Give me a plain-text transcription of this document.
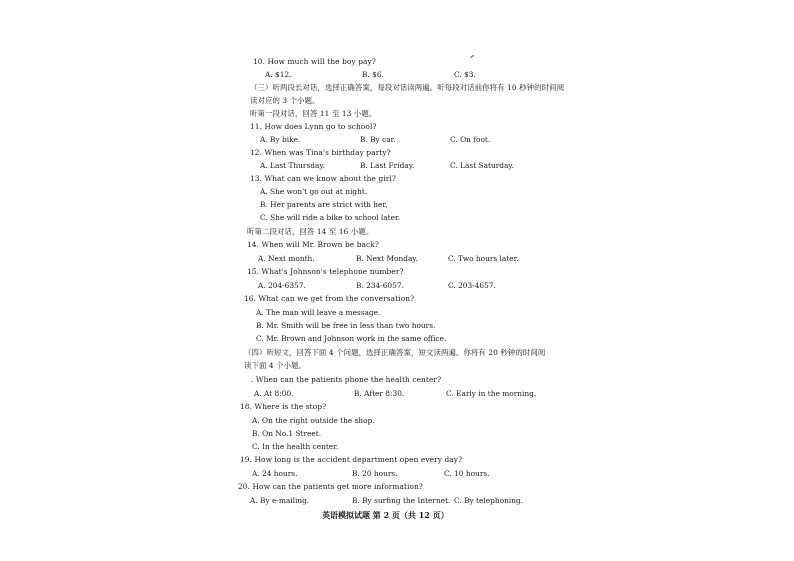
10. How much will the boy pay?
A. $12.	B. $6.	C. $3.
（三）听两段长对话，选择正确答案，每段对话读两遍。听每段对话前你将有 10 秒钟的时间阅
读对应的 3 个小题。
听第一段对话，回答 11 至 13 小题。
11. How does Lynn go to school?
A. By bike.	B. By car.	C. On foot.
12. When was Tina's birthday party?
A. Last Thursday.	B. Last Friday.	C. Last Saturday.
13. What can we know about the girl?
A. She won't go out at night.
B. Her parents are strict with her.
C. She will ride a bike to school later.
听第二段对话，回答 14 至 16 小题。
14. When will Mr. Brown be back?
A. Next month.	B. Next Monday.	C. Two hours later.
15. What's Johnson's telephone number?
A. 204-6357.	B. 234-6057.	C. 203-4657.
16. What can we get from the conversation?
A. The man will leave a message.
B. Mr. Smith will be free in less than two hours.
C. Mr. Brown and Johnson work in the same office.
（四）听短文，回答下面 4 个问题，选择正确答案，短文读两遍。你将有 20 秒钟的时间阅
读下面 4 个小题。
. When can the patients phone the health center?
A. At 8:00.	B. After 8:30.	C. Early in the morning.
18. Where is the stop?
A. On the right outside the shop.
B. On No.1 Street.
C. In the health center.
19. How long is the accident department open every day?
A. 24 hours.	B. 20 hours.	C. 10 hours.
20. How can the patients get more information?
A. By e-mailing.	B. By surfing the Internet. C. By telephoning.
英语模拟试题 第 2 页（共 12 页）
